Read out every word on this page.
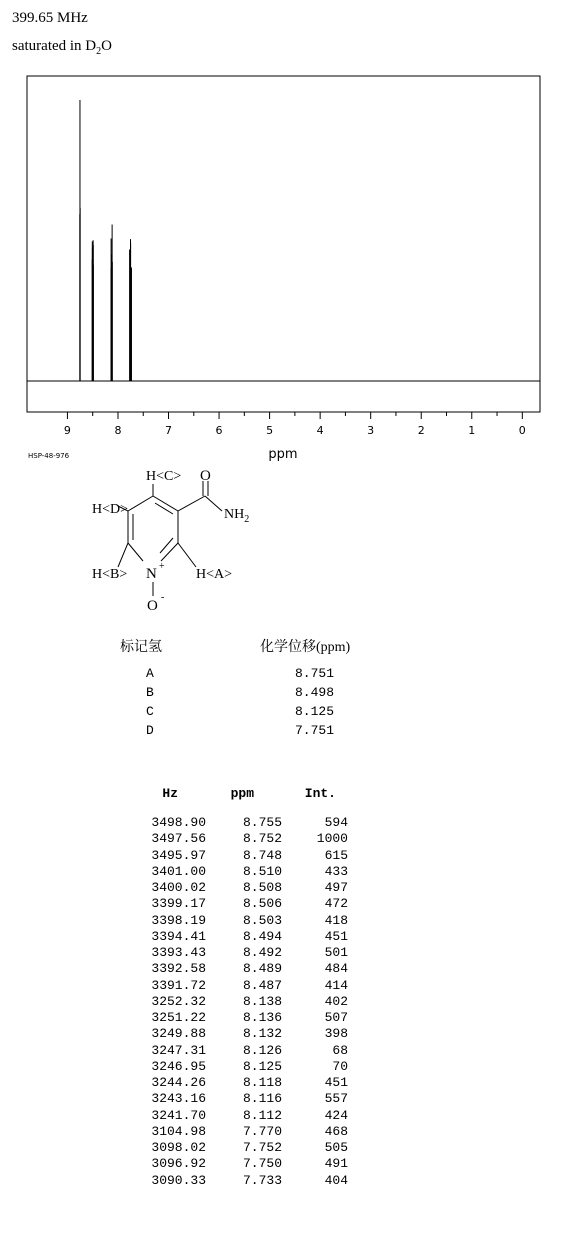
399.65 MHz
saturated in $D_2O$
9	8	7	6	5	4	3	2	1	0
ppm
HSP-48-976
H<C>
H<D>
H<B>	H<A>
N +
O
-
O
$NH_2$
标记氢	化学位移(ppm)
A	8.751
B	8.498
C	8.125
D	7.751
Hz	ppm	Int.
3498.90	8.755	594
3497.56	8.752	1000
3495.97	8.748	615
3401.00	8.510	433
3400.02	8.508	497
3399.17	8.506	472
3398.19	8.503	418
3394.41	8.494	451
3393.43	8.492	501
3392.58	8.489	484
3391.72	8.487	414
3252.32	8.138	402
3251.22	8.136	507
3249.88	8.132	398
3247.31	8.126	68
3246.95	8.125	70
3244.26	8.118	451
3243.16	8.116	557
3241.70	8.112	424
3104.98	7.770	468
3098.02	7.752	505
3096.92	7.750	491
3090.33	7.733	404
